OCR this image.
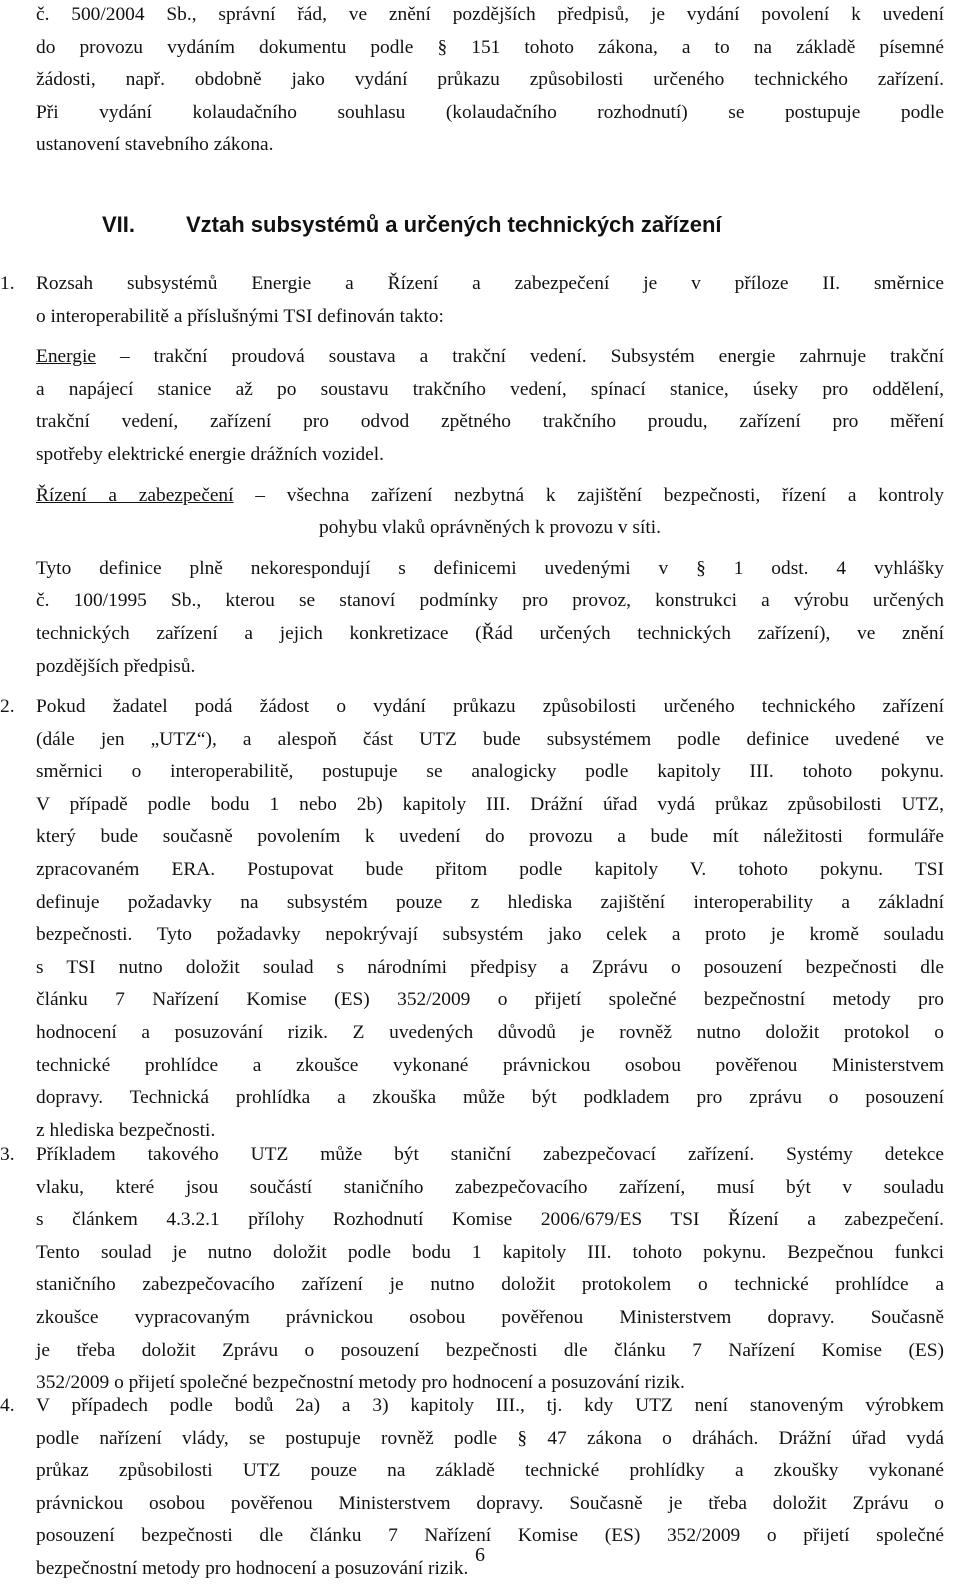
č. 500/2004 Sb., správní řád, ve znění pozdějších předpisů, je vydání povolení k uvedení
do provozu vydáním dokumentu podle § 151 tohoto zákona, a to na základě písemné
žádosti, např. obdobně jako vydání průkazu způsobilosti určeného technického zařízení.
Při vydání kolaudačního souhlasu (kolaudačního rozhodnutí) se postupuje podle
ustanovení stavebního zákona.

VII. Vztah subsystémů a určených technických zařízení
1.	Rozsah subsystémů Energie a Řízení a zabezpečení je v příloze II. směrnice
o interoperabilitě a příslušnými TSI definován takto:
Energie – trakční proudová soustava a trakční vedení. Subsystém energie zahrnuje trakční
a napájecí stanice až po soustavu trakčního vedení, spínací stanice, úseky pro oddělení,
trakční vedení, zařízení pro odvod zpětného trakčního proudu, zařízení pro měření
spotřeby elektrické energie drážních vozidel.
Řízení a zabezpečení – všechna zařízení nezbytná k zajištění bezpečnosti, řízení a kontroly
pohybu vlaků oprávněných k provozu v síti.
Tyto definice plně nekorespondují s definicemi uvedenými v § 1 odst. 4 vyhlášky
č. 100/1995 Sb., kterou se stanoví podmínky pro provoz, konstrukci a výrobu určených
technických zařízení a jejich konkretizace (Řád určených technických zařízení), ve znění
pozdějších předpisů.
2.	Pokud žadatel podá žádost o vydání průkazu způsobilosti určeného technického zařízení
(dále jen „UTZ“), a alespoň část UTZ bude subsystémem podle definice uvedené ve
směrnici o interoperabilitě, postupuje se analogicky podle kapitoly III. tohoto pokynu.
V případě podle bodu 1 nebo 2b) kapitoly III. Drážní úřad vydá průkaz způsobilosti UTZ,
který bude současně povolením k uvedení do provozu a bude mít náležitosti formuláře
zpracovaném ERA. Postupovat bude přitom podle kapitoly V. tohoto pokynu. TSI
definuje požadavky na subsystém pouze z hlediska zajištění interoperability a základní
bezpečnosti. Tyto požadavky nepokrývají subsystém jako celek a proto je kromě souladu
s TSI nutno doložit soulad s národními předpisy a Zprávu o posouzení bezpečnosti dle
článku 7 Nařízení Komise (ES) 352/2009 o přijetí společné bezpečnostní metody pro
hodnocení a posuzování rizik. Z uvedených důvodů je rovněž nutno doložit protokol o
technické prohlídce a zkoušce vykonané právnickou osobou pověřenou Ministerstvem
dopravy. Technická prohlídka a zkouška může být podkladem pro zprávu o posouzení
z hlediska bezpečnosti.
3.	Příkladem takového UTZ může být staniční zabezpečovací zařízení. Systémy detekce
vlaku, které jsou součástí staničního zabezpečovacího zařízení, musí být v souladu
s článkem 4.3.2.1 přílohy Rozhodnutí Komise 2006/679/ES TSI Řízení a zabezpečení.
Tento soulad je nutno doložit podle bodu 1 kapitoly III. tohoto pokynu. Bezpečnou funkci
staničního zabezpečovacího zařízení je nutno doložit protokolem o technické prohlídce a
zkoušce vypracovaným právnickou osobou pověřenou Ministerstvem dopravy. Současně
je třeba doložit Zprávu o posouzení bezpečnosti dle článku 7 Nařízení Komise (ES)
352/2009 o přijetí společné bezpečnostní metody pro hodnocení a posuzování rizik.
4.	V případech podle bodů 2a) a 3) kapitoly III., tj. kdy UTZ není stanoveným výrobkem
podle nařízení vlády, se postupuje rovněž podle § 47 zákona o dráhách. Drážní úřad vydá
průkaz způsobilosti UTZ pouze na základě technické prohlídky a zkoušky vykonané
právnickou osobou pověřenou Ministerstvem dopravy. Současně je třeba doložit Zprávu o
posouzení bezpečnosti dle článku 7 Nařízení Komise (ES) 352/2009 o přijetí společné
bezpečnostní metody pro hodnocení a posuzování rizik.
6
